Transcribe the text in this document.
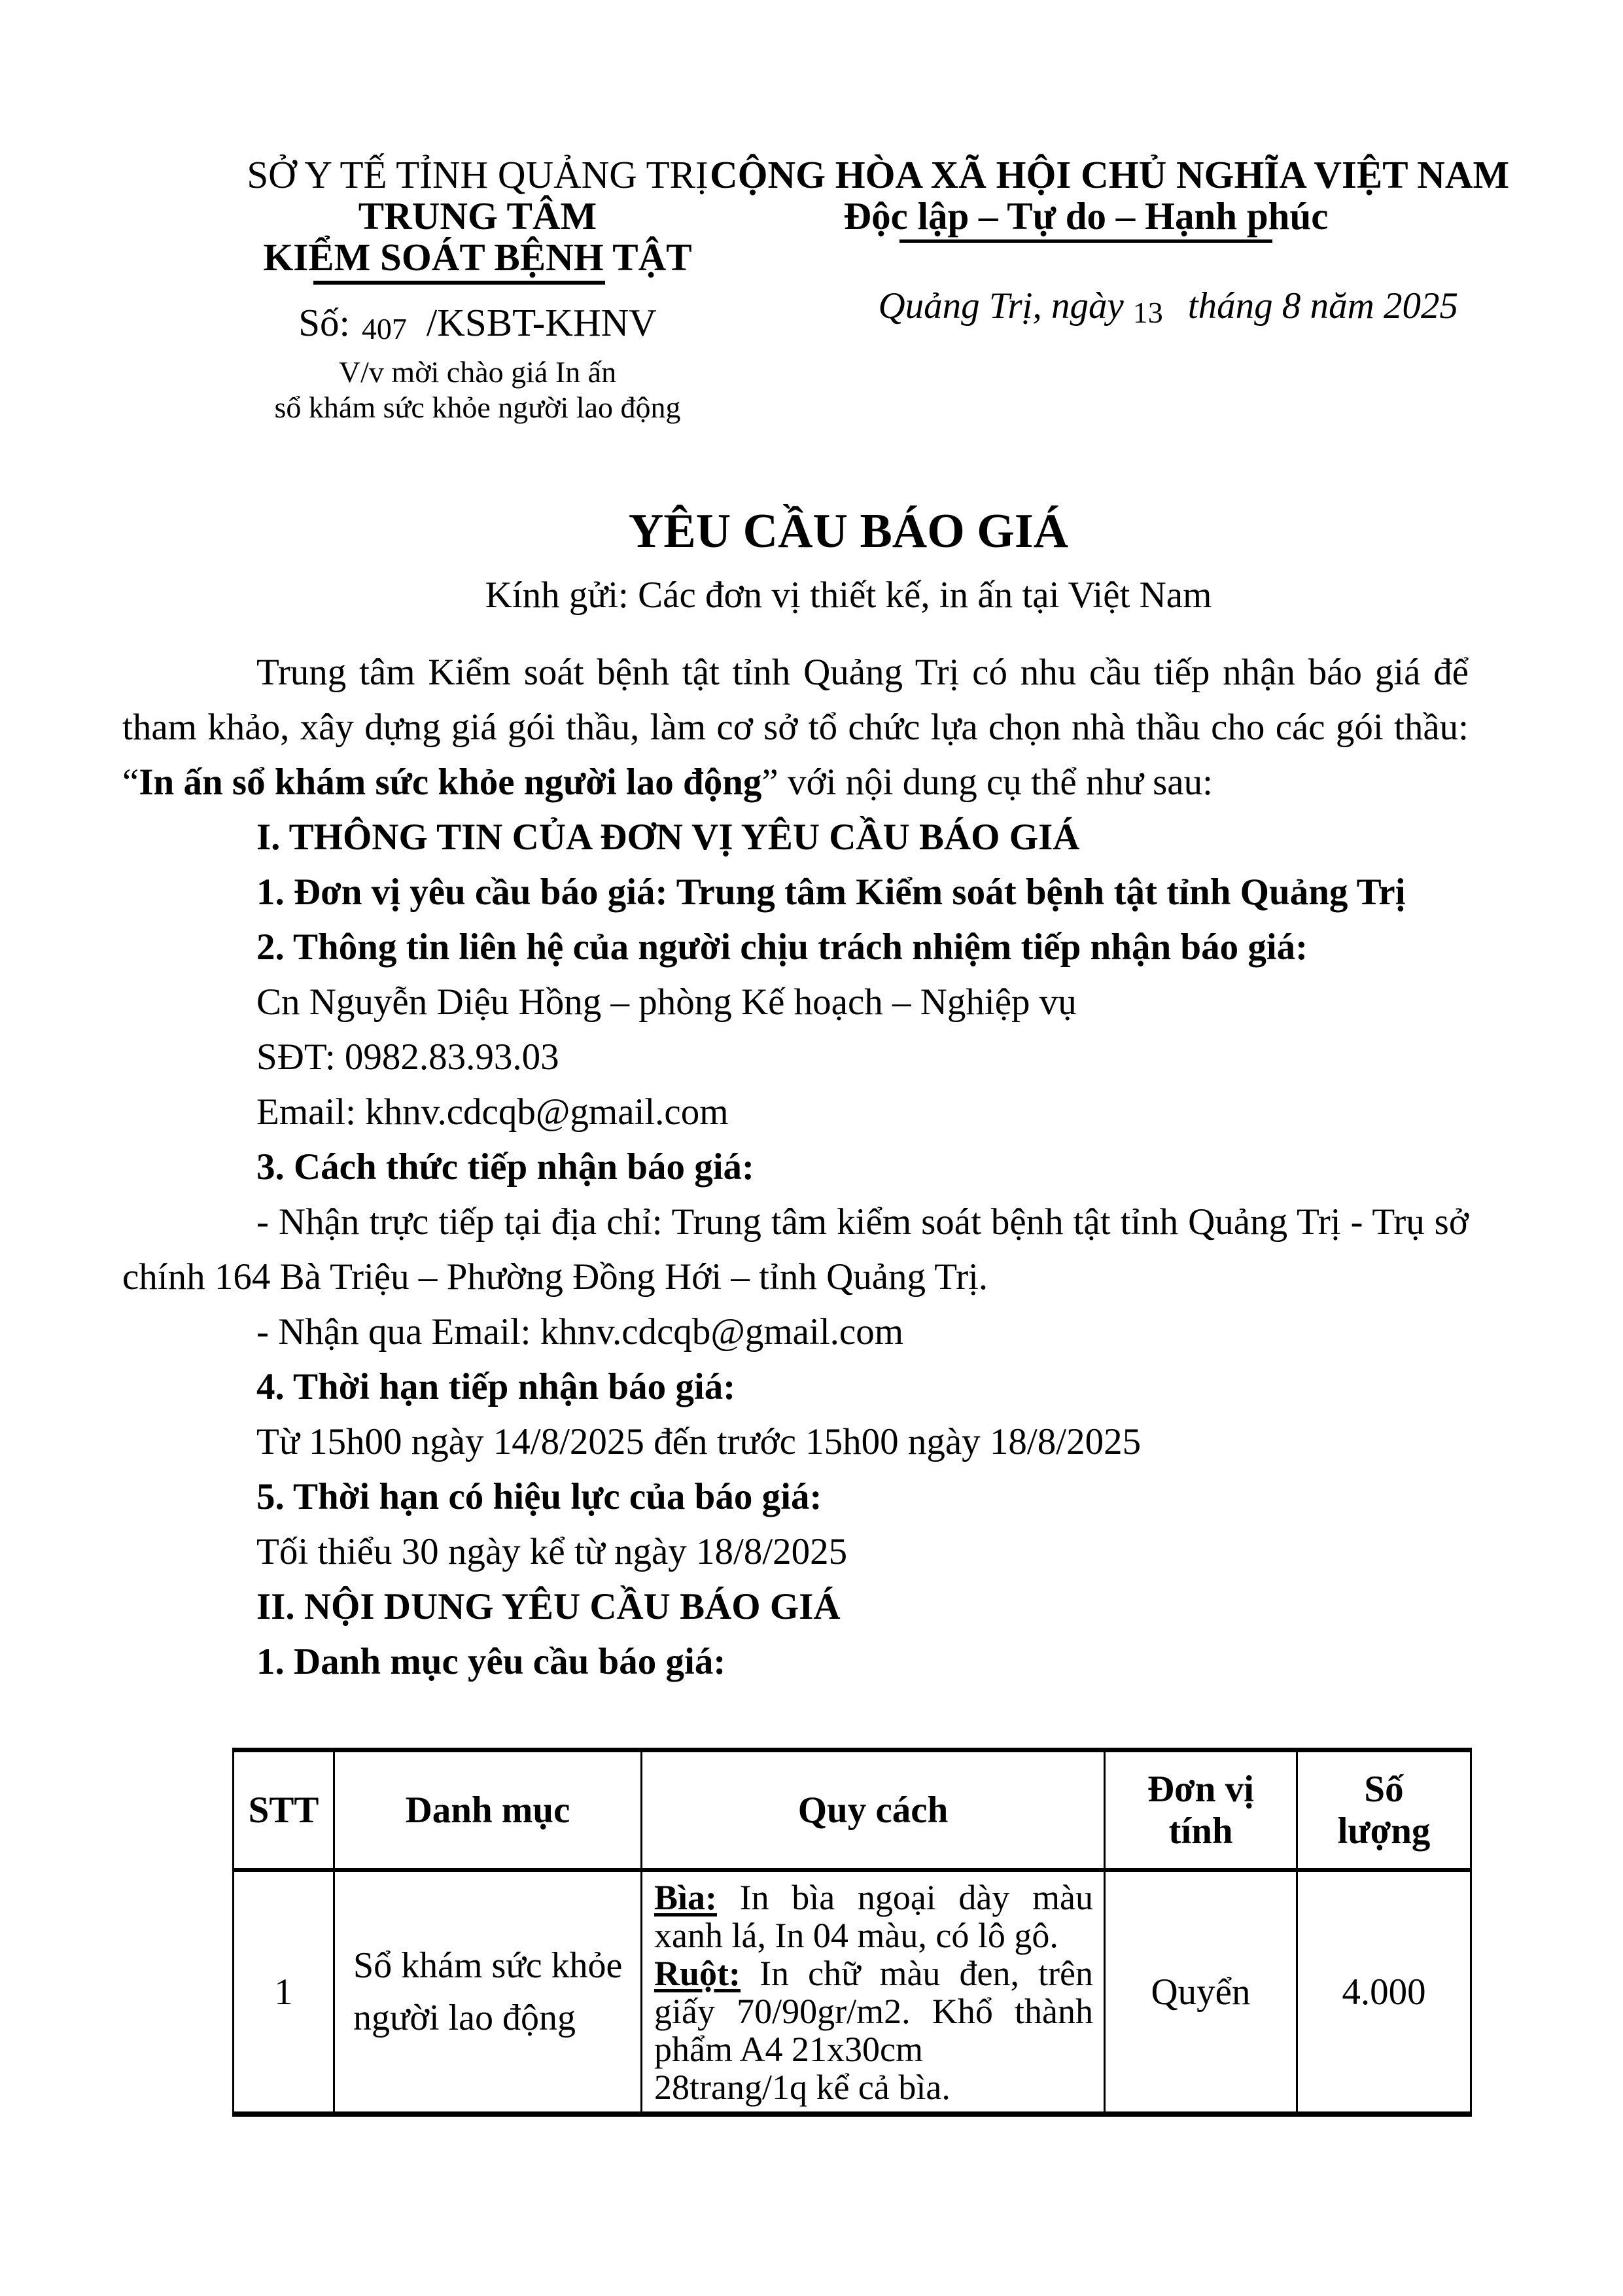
SỞ Y TẾ TỈNH QUẢNG TRỊ
TRUNG TÂM
KIỂM SOÁT BỆNH TẬT
Số: 407 /KSBT-KHNV
V/v mời chào giá In ấn
sổ khám sức khỏe người lao động
CỘNG HÒA XÃ HỘI CHỦ NGHĨA VIỆT NAM
Độc lập – Tự do – Hạnh phúc
Quảng Trị, ngày 13 tháng 8 năm 2025
YÊU CẦU BÁO GIÁ
Kính gửi: Các đơn vị thiết kế, in ấn tại Việt Nam
Trung tâm Kiểm soát bệnh tật tỉnh Quảng Trị có nhu cầu tiếp nhận báo giá để tham khảo, xây dựng giá gói thầu, làm cơ sở tổ chức lựa chọn nhà thầu cho các gói thầu: “In ấn sổ khám sức khỏe người lao động” với nội dung cụ thể như sau:
I. THÔNG TIN CỦA ĐƠN VỊ YÊU CẦU BÁO GIÁ
1. Đơn vị yêu cầu báo giá: Trung tâm Kiểm soát bệnh tật tỉnh Quảng Trị
2. Thông tin liên hệ của người chịu trách nhiệm tiếp nhận báo giá:
Cn Nguyễn Diệu Hồng – phòng Kế hoạch – Nghiệp vụ
SĐT: 0982.83.93.03
Email: khnv.cdcqb@gmail.com
3. Cách thức tiếp nhận báo giá:
- Nhận trực tiếp tại địa chỉ: Trung tâm kiểm soát bệnh tật tỉnh Quảng Trị - Trụ sở chính 164 Bà Triệu – Phường Đồng Hới – tỉnh Quảng Trị.
- Nhận qua Email: khnv.cdcqb@gmail.com
4. Thời hạn tiếp nhận báo giá:
Từ 15h00 ngày 14/8/2025 đến trước 15h00 ngày 18/8/2025
5. Thời hạn có hiệu lực của báo giá:
Tối thiểu 30 ngày kể từ ngày 18/8/2025
II. NỘI DUNG YÊU CẦU BÁO GIÁ
1. Danh mục yêu cầu báo giá:
STT	Danh mục	Quy cách	Đơn vị tính	Số lượng
1	Sổ khám sức khỏe người lao động	Bìa: In bìa ngoại dày màu xanh lá, In 04 màu, có lô gô.
Ruột: In chữ màu đen, trên giấy 70/90gr/m2. Khổ thành phẩm A4 21x30cm
28trang/1q kể cả bìa.	Quyển	4.000
